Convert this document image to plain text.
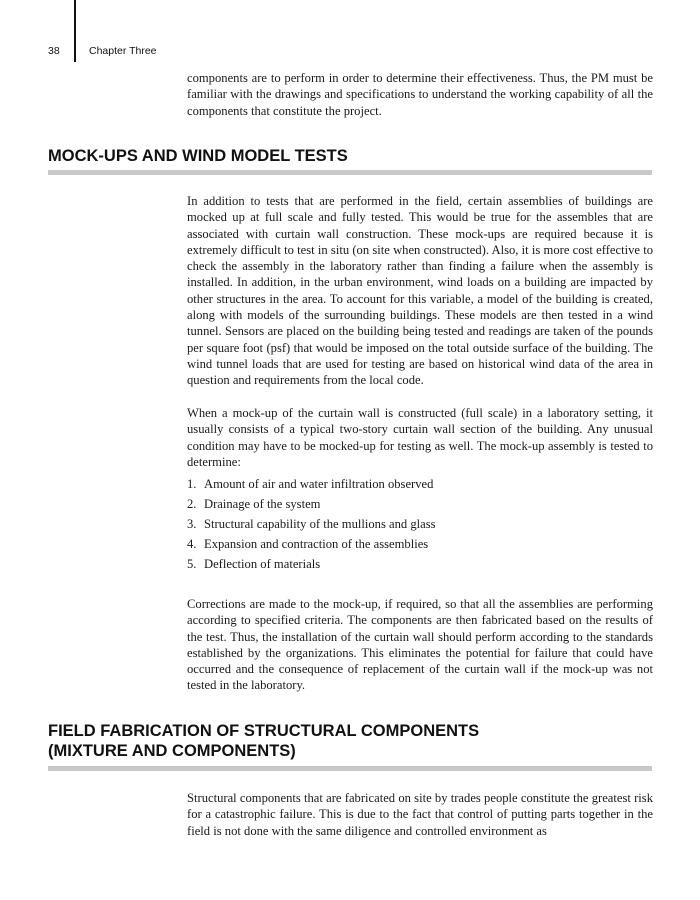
38	Chapter Three

components are to perform in order to determine their effectiveness. Thus, the PM must be familiar with the drawings and specifications to understand the working capability of all the components that constitute the project.

MOCK-UPS AND WIND MODEL TESTS

In addition to tests that are performed in the field, certain assemblies of buildings are mocked up at full scale and fully tested. This would be true for the assembles that are associated with curtain wall construction. These mock-ups are required because it is extremely difficult to test in situ (on site when constructed). Also, it is more cost effective to check the assembly in the laboratory rather than finding a failure when the assembly is installed. In addition, in the urban environment, wind loads on a building are impacted by other structures in the area. To account for this variable, a model of the building is created, along with models of the surrounding buildings. These models are then tested in a wind tunnel. Sensors are placed on the building being tested and readings are taken of the pounds per square foot (psf) that would be imposed on the total outside surface of the building. The wind tunnel loads that are used for testing are based on historical wind data of the area in question and requirements from the local code.

When a mock-up of the curtain wall is constructed (full scale) in a laboratory setting, it usually consists of a typical two-story curtain wall section of the building. Any unusual condition may have to be mocked-up for testing as well. The mock-up assembly is tested to determine:

1. Amount of air and water infiltration observed
2. Drainage of the system
3. Structural capability of the mullions and glass
4. Expansion and contraction of the assemblies
5. Deflection of materials

Corrections are made to the mock-up, if required, so that all the assemblies are performing according to specified criteria. The components are then fabricated based on the results of the test. Thus, the installation of the curtain wall should perform according to the standards established by the organizations. This eliminates the potential for failure that could have occurred and the consequence of replacement of the curtain wall if the mock-up was not tested in the laboratory.

FIELD FABRICATION OF STRUCTURAL COMPONENTS
(MIXTURE AND COMPONENTS)

Structural components that are fabricated on site by trades people constitute the greatest risk for a catastrophic failure. This is due to the fact that control of putting parts together in the field is not done with the same diligence and controlled environment as
